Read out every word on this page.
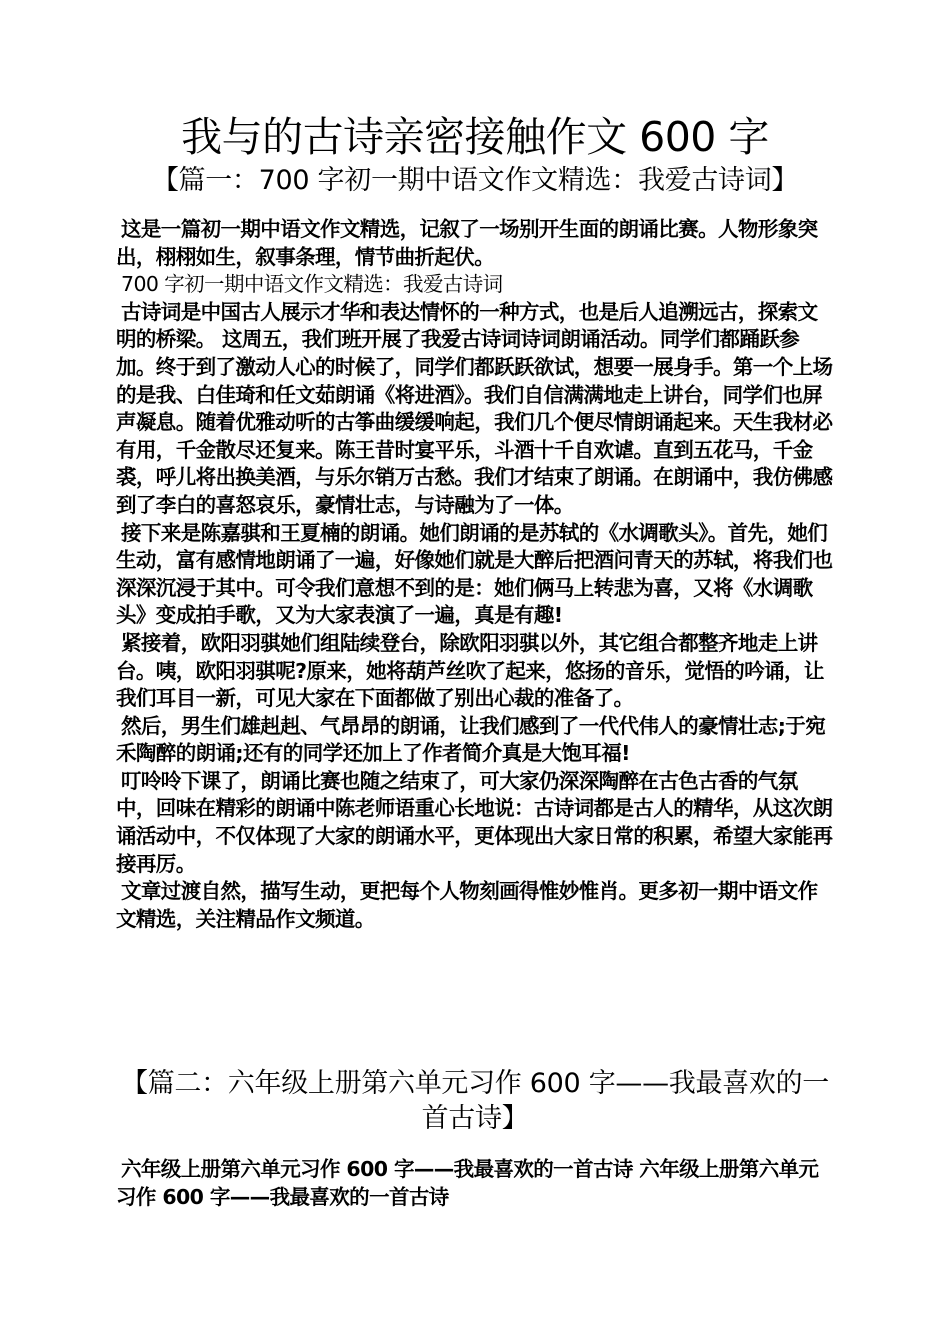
我与的古诗亲密接触作文 600 字
【篇一：700 字初一期中语文作文精选：我爱古诗词】

这是一篇初一期中语文作文精选，记叙了一场别开生面的朗诵比赛。人物形象突出，栩栩如生，叙事条理，情节曲折起伏。

700 字初一期中语文作文精选：我爱古诗词

古诗词是中国古人展示才华和表达情怀的一种方式，也是后人追溯远古，探索文明的桥梁。 这周五，我们班开展了我爱古诗词诗词朗诵活动。同学们都踊跃参加。终于到了激动人心的时候了，同学们都跃跃欲试，想要一展身手。第一个上场的是我、白佳琦和任文茹朗诵《将进酒》。我们自信满满地走上讲台，同学们也屏声凝息。随着优雅动听的古筝曲缓缓响起，我们几个便尽情朗诵起来。天生我材必有用，千金散尽还复来。陈王昔时宴平乐，斗酒十千自欢谑。直到五花马，千金裘，呼儿将出换美酒，与乐尔销万古愁。我们才结束了朗诵。在朗诵中，我仿佛感到了李白的喜怒哀乐，豪情壮志，与诗融为了一体。

接下来是陈嘉骐和王夏楠的朗诵。她们朗诵的是苏轼的《水调歌头》。首先，她们生动，富有感情地朗诵了一遍，好像她们就是大醉后把酒问青天的苏轼，将我们也深深沉浸于其中。可令我们意想不到的是：她们俩马上转悲为喜，又将《水调歌头》变成拍手歌，又为大家表演了一遍，真是有趣!

紧接着，欧阳羽骐她们组陆续登台，除欧阳羽骐以外，其它组合都整齐地走上讲台。咦，欧阳羽骐呢?原来，她将葫芦丝吹了起来，悠扬的音乐，觉悟的吟诵，让我们耳目一新，可见大家在下面都做了别出心裁的准备了。

然后，男生们雄赳赳、气昂昂的朗诵，让我们感到了一代代伟人的豪情壮志;于宛禾陶醉的朗诵;还有的同学还加上了作者简介真是大饱耳福!

叮呤呤下课了，朗诵比赛也随之结束了，可大家仍深深陶醉在古色古香的气氛中，回味在精彩的朗诵中陈老师语重心长地说：古诗词都是古人的精华，从这次朗诵活动中，不仅体现了大家的朗诵水平，更体现出大家日常的积累，希望大家能再接再厉。

文章过渡自然，描写生动，更把每个人物刻画得惟妙惟肖。更多初一期中语文作文精选，关注精品作文频道。

【篇二：六年级上册第六单元习作 600 字——我最喜欢的一首古诗】

六年级上册第六单元习作 600 字——我最喜欢的一首古诗 六年级上册第六单元习作 600 字——我最喜欢的一首古诗
